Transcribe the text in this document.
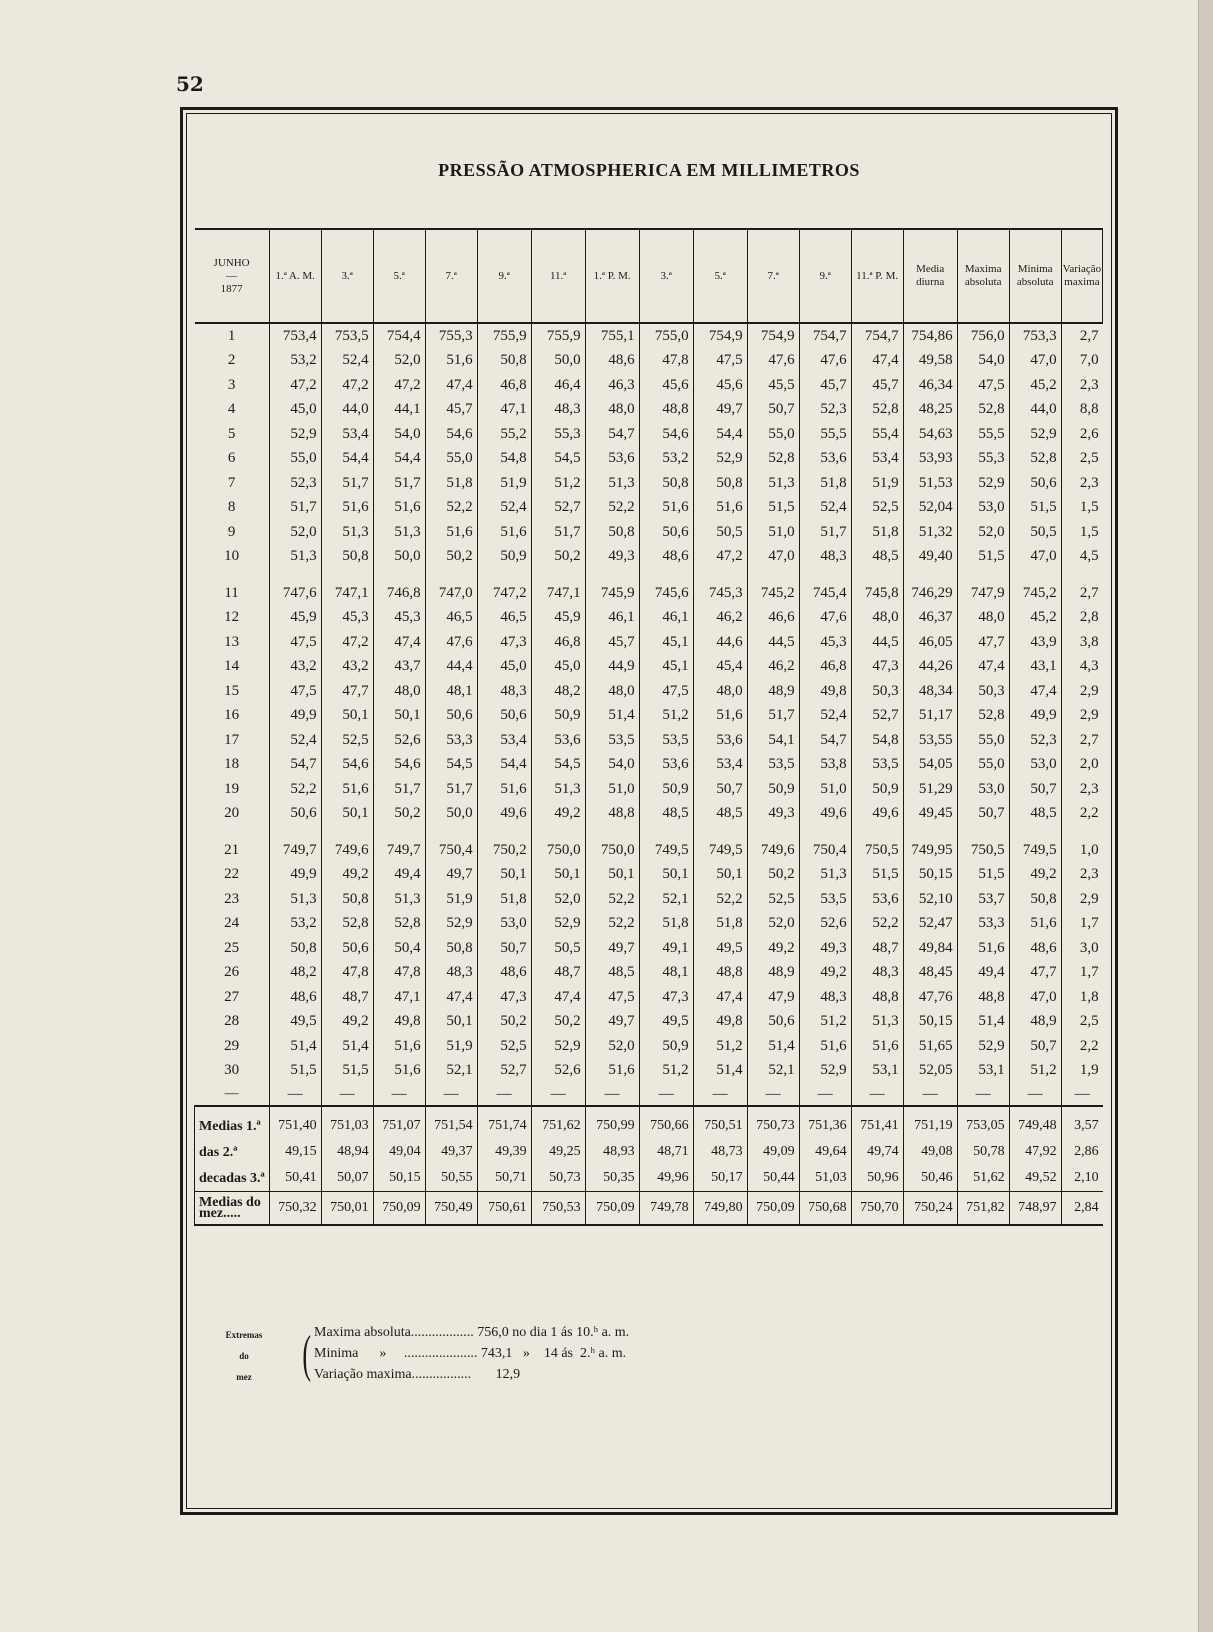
52
PRESSÃO ATMOSPHERICA EM MILLIMETROS
JUNHO
—
1877	1.ª A. M.	3.ª	5.ª	7.ª	9.ª	11.ª	1.ª P. M.	3.ª	5.ª	7.ª	9.ª	11.ª P. M.	Media diurna	Maxima absoluta	Minima absoluta	Variação maxima
1	753,4	753,5	754,4	755,3	755,9	755,9	755,1	755,0	754,9	754,9	754,7	754,7	754,86	756,0	753,3	2,7
2	53,2	52,4	52,0	51,6	50,8	50,0	48,6	47,8	47,5	47,6	47,6	47,4	49,58	54,0	47,0	7,0
3	47,2	47,2	47,2	47,4	46,8	46,4	46,3	45,6	45,6	45,5	45,7	45,7	46,34	47,5	45,2	2,3
4	45,0	44,0	44,1	45,7	47,1	48,3	48,0	48,8	49,7	50,7	52,3	52,8	48,25	52,8	44,0	8,8
5	52,9	53,4	54,0	54,6	55,2	55,3	54,7	54,6	54,4	55,0	55,5	55,4	54,63	55,5	52,9	2,6
6	55,0	54,4	54,4	55,0	54,8	54,5	53,6	53,2	52,9	52,8	53,6	53,4	53,93	55,3	52,8	2,5
7	52,3	51,7	51,7	51,8	51,9	51,2	51,3	50,8	50,8	51,3	51,8	51,9	51,53	52,9	50,6	2,3
8	51,7	51,6	51,6	52,2	52,4	52,7	52,2	51,6	51,6	51,5	52,4	52,5	52,04	53,0	51,5	1,5
9	52,0	51,3	51,3	51,6	51,6	51,7	50,8	50,6	50,5	51,0	51,7	51,8	51,32	52,0	50,5	1,5
10	51,3	50,8	50,0	50,2	50,9	50,2	49,3	48,6	47,2	47,0	48,3	48,5	49,40	51,5	47,0	4,5

11	747,6	747,1	746,8	747,0	747,2	747,1	745,9	745,6	745,3	745,2	745,4	745,8	746,29	747,9	745,2	2,7
12	45,9	45,3	45,3	46,5	46,5	45,9	46,1	46,1	46,2	46,6	47,6	48,0	46,37	48,0	45,2	2,8
13	47,5	47,2	47,4	47,6	47,3	46,8	45,7	45,1	44,6	44,5	45,3	44,5	46,05	47,7	43,9	3,8
14	43,2	43,2	43,7	44,4	45,0	45,0	44,9	45,1	45,4	46,2	46,8	47,3	44,26	47,4	43,1	4,3
15	47,5	47,7	48,0	48,1	48,3	48,2	48,0	47,5	48,0	48,9	49,8	50,3	48,34	50,3	47,4	2,9
16	49,9	50,1	50,1	50,6	50,6	50,9	51,4	51,2	51,6	51,7	52,4	52,7	51,17	52,8	49,9	2,9
17	52,4	52,5	52,6	53,3	53,4	53,6	53,5	53,5	53,6	54,1	54,7	54,8	53,55	55,0	52,3	2,7
18	54,7	54,6	54,6	54,5	54,4	54,5	54,0	53,6	53,4	53,5	53,8	53,5	54,05	55,0	53,0	2,0
19	52,2	51,6	51,7	51,7	51,6	51,3	51,0	50,9	50,7	50,9	51,0	50,9	51,29	53,0	50,7	2,3
20	50,6	50,1	50,2	50,0	49,6	49,2	48,8	48,5	48,5	49,3	49,6	49,6	49,45	50,7	48,5	2,2

21	749,7	749,6	749,7	750,4	750,2	750,0	750,0	749,5	749,5	749,6	750,4	750,5	749,95	750,5	749,5	1,0
22	49,9	49,2	49,4	49,7	50,1	50,1	50,1	50,1	50,1	50,2	51,3	51,5	50,15	51,5	49,2	2,3
23	51,3	50,8	51,3	51,9	51,8	52,0	52,2	52,1	52,2	52,5	53,5	53,6	52,10	53,7	50,8	2,9
24	53,2	52,8	52,8	52,9	53,0	52,9	52,2	51,8	51,8	52,0	52,6	52,2	52,47	53,3	51,6	1,7
25	50,8	50,6	50,4	50,8	50,7	50,5	49,7	49,1	49,5	49,2	49,3	48,7	49,84	51,6	48,6	3,0
26	48,2	47,8	47,8	48,3	48,6	48,7	48,5	48,1	48,8	48,9	49,2	48,3	48,45	49,4	47,7	1,7
27	48,6	48,7	47,1	47,4	47,3	47,4	47,5	47,3	47,4	47,9	48,3	48,8	47,76	48,8	47,0	1,8
28	49,5	49,2	49,8	50,1	50,2	50,2	49,7	49,5	49,8	50,6	51,2	51,3	50,15	51,4	48,9	2,5
29	51,4	51,4	51,6	51,9	52,5	52,9	52,0	50,9	51,2	51,4	51,6	51,6	51,65	52,9	50,7	2,2
30	51,5	51,5	51,6	52,1	52,7	52,6	51,6	51,2	51,4	52,1	52,9	53,1	52,05	53,1	51,2	1,9
—	—	—	—	—	—	—	—	—	—	—	—	—	—	—	—	—
Medias 1.ª	751,40	751,03	751,07	751,54	751,74	751,62	750,99	750,66	750,51	750,73	751,36	751,41	751,19	753,05	749,48	3,57
das 2.ª	49,15	48,94	49,04	49,37	49,39	49,25	48,93	48,71	48,73	49,09	49,64	49,74	49,08	50,78	47,92	2,86
decadas 3.ª	50,41	50,07	50,15	50,55	50,71	50,73	50,35	49,96	50,17	50,44	51,03	50,96	50,46	51,62	49,52	2,10

Medias do
mez.....	750,32	750,01	750,09	750,49	750,61	750,53	750,09	749,78	749,80	750,09	750,68	750,70	750,24	751,82	748,97	2,84
Extremas
do
mez ( Maxima absoluta.................. 756,0 no dia 1 ás 10.ʰ a. m.
Minima      »     ..................... 743,1   »    14 ás  2.ʰ a. m.
Variação maxima.................       12,9
